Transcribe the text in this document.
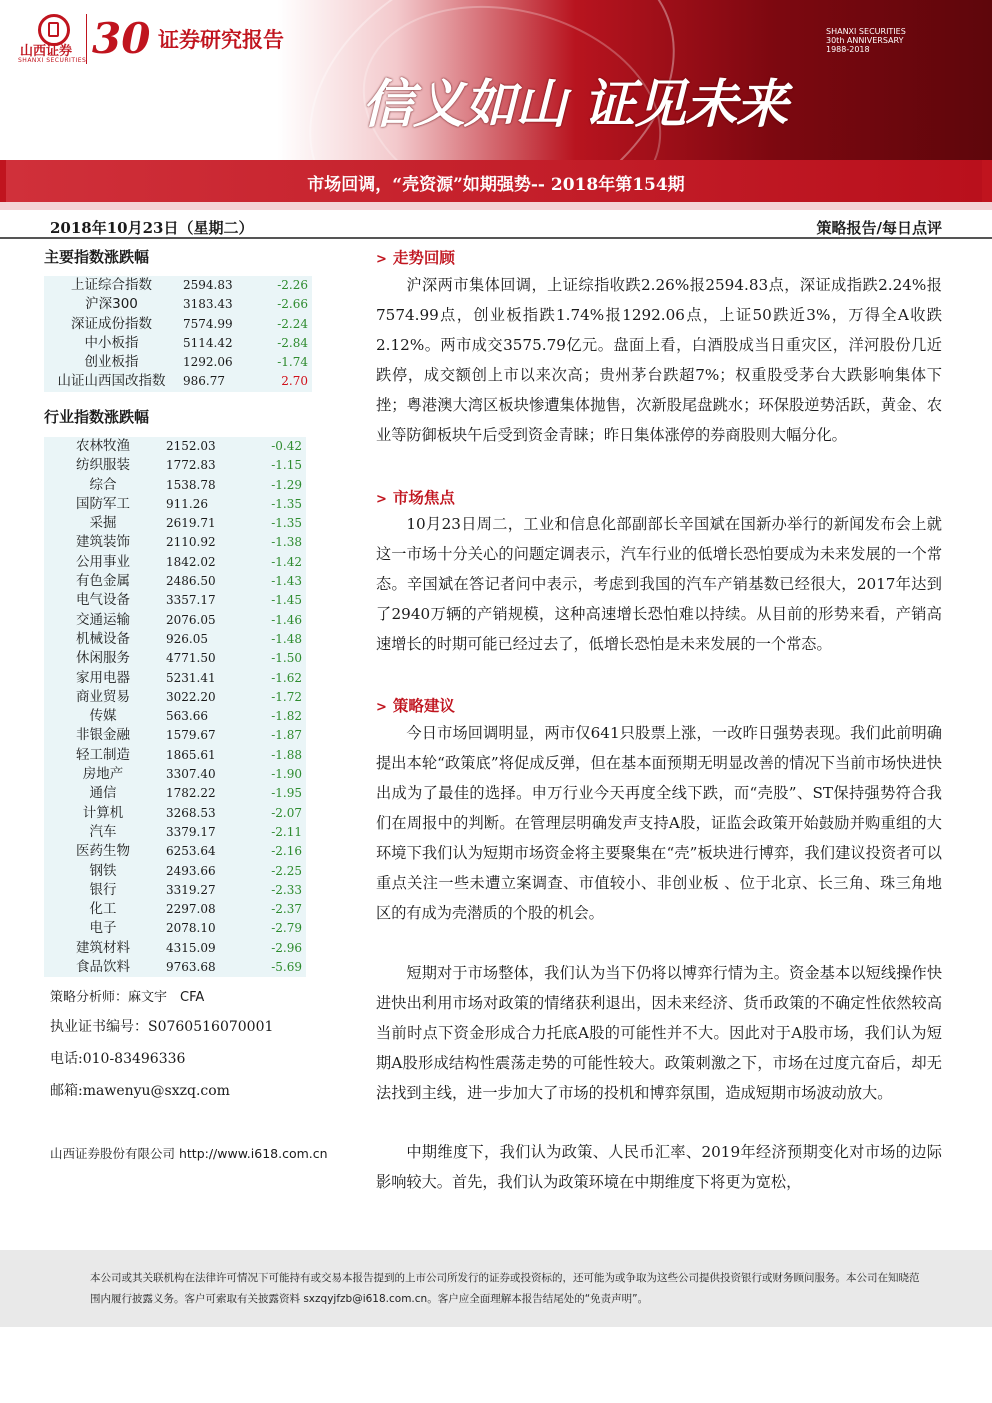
山西证券
SHANXI SECURITIES 30 证券研究报告
信义如山 证见未来
SHANXI SECURITIES
30th ANNIVERSARY
1988-2018
市场回调，“壳资源”如期强势-- 2018年第154期
2018年10月23日（星期二）	策略报告/每日点评
主要指数涨跌幅
上证综合指数	2594.83	-2.26
沪深300	3183.43	-2.66
深证成份指数	7574.99	-2.24
中小板指	5114.42	-2.84
创业板指	1292.06	-1.74
山证山西国改指数	986.77	2.70
行业指数涨跌幅
农林牧渔	2152.03	-0.42
纺织服装	1772.83	-1.15
综合	1538.78	-1.29
国防军工	911.26	-1.35
采掘	2619.71	-1.35
建筑装饰	2110.92	-1.38
公用事业	1842.02	-1.42
有色金属	2486.50	-1.43
电气设备	3357.17	-1.45
交通运输	2076.05	-1.46
机械设备	926.05	-1.48
休闲服务	4771.50	-1.50
家用电器	5231.41	-1.62
商业贸易	3022.20	-1.72
传媒	563.66	-1.82
非银金融	1579.67	-1.87
轻工制造	1865.61	-1.88
房地产	3307.40	-1.90
通信	1782.22	-1.95
计算机	3268.53	-2.07
汽车	3379.17	-2.11
医药生物	6253.64	-2.16
钢铁	2493.66	-2.25
银行	3319.27	-2.33
化工	2297.08	-2.37
电子	2078.10	-2.79
建筑材料	4315.09	-2.96
食品饮料	9763.68	-5.69
策略分析师：麻文宇　CFA
执业证书编号：S0760516070001
电话:010-83496336
邮箱:mawenyu@sxzq.com
山西证券股份有限公司 http://www.i618.com.cn
> 走势回顾
沪深两市集体回调，上证综指收跌2.26%报2594.83点，深证成指跌2.24%报7574.99点，创业板指跌1.74%报1292.06点，上证50跌近3%，万得全A收跌2.12%。两市成交3575.79亿元。盘面上看，白酒股成当日重灾区，洋河股份几近跌停，成交额创上市以来次高；贵州茅台跌超7%；权重股受茅台大跌影响集体下挫；粤港澳大湾区板块惨遭集体抛售，次新股尾盘跳水；环保股逆势活跃，黄金、农业等防御板块午后受到资金青睐；昨日集体涨停的券商股则大幅分化。
> 市场焦点
10月23日周二，工业和信息化部副部长辛国斌在国新办举行的新闻发布会上就这一市场十分关心的问题定调表示，汽车行业的低增长恐怕要成为未来发展的一个常态。辛国斌在答记者问中表示，考虑到我国的汽车产销基数已经很大，2017年达到了2940万辆的产销规模，这种高速增长恐怕难以持续。从目前的形势来看，产销高速增长的时期可能已经过去了，低增长恐怕是未来发展的一个常态。
> 策略建议
今日市场回调明显，两市仅641只股票上涨，一改昨日强势表现。我们此前明确提出本轮“政策底”将促成反弹，但在基本面预期无明显改善的情况下当前市场快进快出成为了最佳的选择。申万行业今天再度全线下跌，而“壳股”、ST保持强势符合我们在周报中的判断。在管理层明确发声支持A股，证监会政策开始鼓励并购重组的大环境下我们认为短期市场资金将主要聚集在“壳”板块进行博弈，我们建议投资者可以重点关注一些未遭立案调查、市值较小、非创业板 、位于北京、长三角、珠三角地区的有成为壳潜质的个股的机会。
短期对于市场整体，我们认为当下仍将以博弈行情为主。资金基本以短线操作快进快出利用市场对政策的情绪获利退出，因未来经济、货币政策的不确定性依然较高当前时点下资金形成合力托底A股的可能性并不大。因此对于A股市场，我们认为短期A股形成结构性震荡走势的可能性较大。政策刺激之下，市场在过度亢奋后，却无法找到主线，进一步加大了市场的投机和博弈氛围，造成短期市场波动放大。
中期维度下，我们认为政策、人民币汇率、2019年经济预期变化对市场的边际影响较大。首先，我们认为政策环境在中期维度下将更为宽松，
本公司或其关联机构在法律许可情况下可能持有或交易本报告提到的上市公司所发行的证券或投资标的，还可能为或争取为这些公司提供投资银行或财务顾问服务。本公司在知晓范围内履行披露义务。客户可索取有关披露资料 sxzqyjfzb@i618.com.cn。客户应全面理解本报告结尾处的“免责声明”。
